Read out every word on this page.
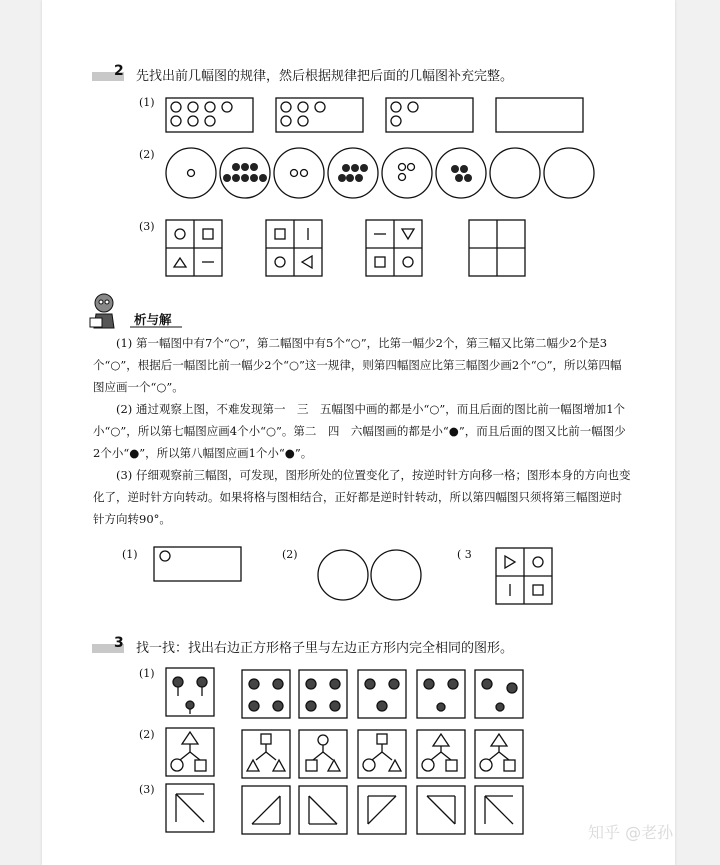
2 先找出前几幅图的规律，然后根据规律把后面的几幅图补充完整。
(1)
(2)
(3)
析与解

(1) 第一幅图中有7个“○”，第二幅图中有5个“○”，比第一幅少2个，第三幅又比第二幅少2个是3个“○”，根据后一幅图比前一幅少2个“○”这一规律，则第四幅图应比第三幅图少画2个“○”，所以第四幅图应画一个“○”。

(2) 通过观察上图，不难发现第一　三　五幅图中画的都是小“○”，而且后面的图比前一幅图增加1个小“○”，所以第七幅图应画4个小“○”。第二　四　六幅图画的都是小“●”，而且后面的图又比前一幅图少2个小“●”，所以第八幅图应画1个小“●”。

(3) 仔细观察前三幅图，可发现，图形所处的位置变化了，按逆时针方向移一格；图形本身的方向也变化了，逆时针方向转动。如果将格与图相结合，正好都是逆时针转动，所以第四幅图只须将第三幅图逆时针方向转90°。

(1)	(2)	( 3
3 找一找：找出右边正方形格子里与左边正方形内完全相同的图形。
(1)
(2)
(3)
知乎 @老孙
